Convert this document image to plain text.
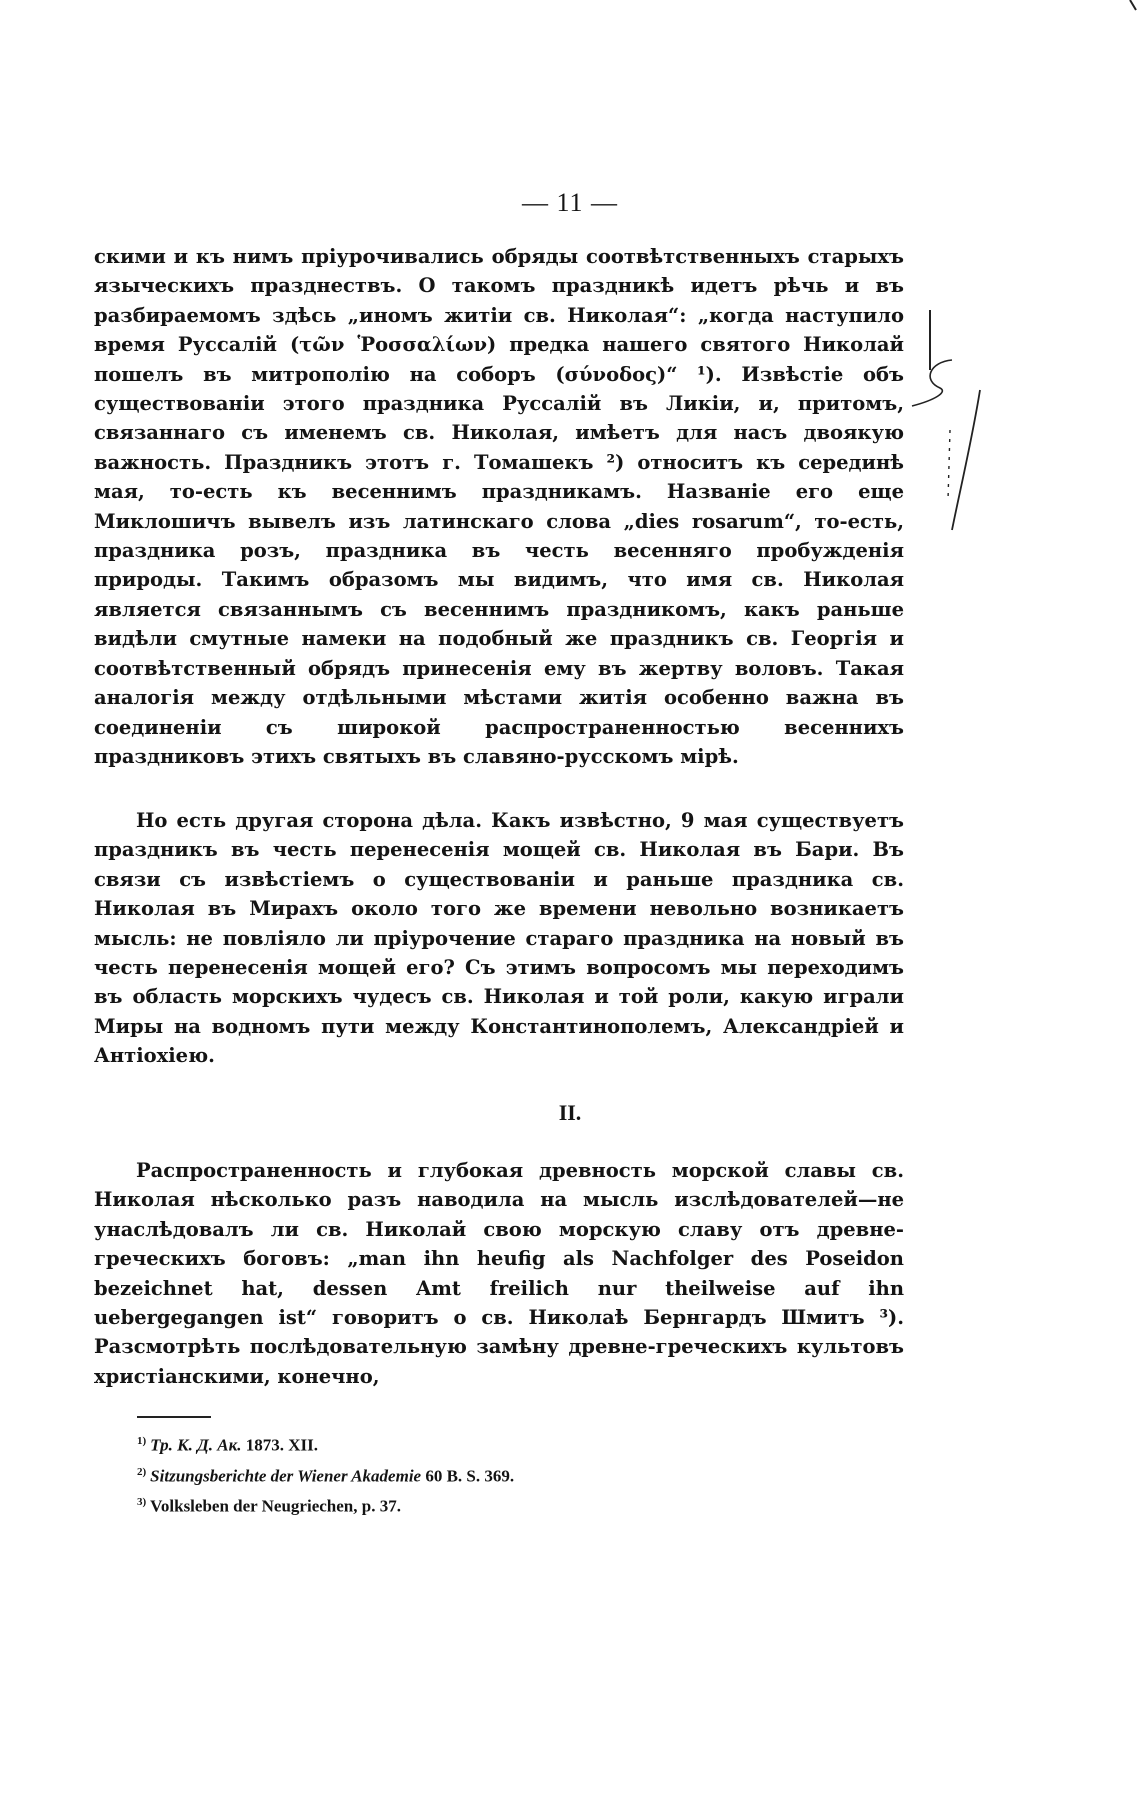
— 11 —
скими и къ нимъ прiурочивались обряды соотвѣтственныхъ старыхъ языческихъ празднествъ. О такомъ праздникѣ идетъ рѣчь и въ разбираемомъ здѣсь „иномъ житiи св. Николая“: „когда наступило время Руссалiй (τῶν Ῥοσσαλίων) предка нашего святого Николай пошелъ въ митрополiю на соборъ (σύνοδος)“ ¹). Извѣстie объ существованiи этого праздника Руссалiй въ Ликiи, и, притомъ, связаннаго съ именемъ св. Николая, имѣетъ для насъ двоякую важность. Праздникъ этотъ г. Томашекъ ²) относитъ къ серединѣ мая, то-есть къ весеннимъ праздникамъ. Названie его еще Миклошичъ вывелъ изъ латинскаго слова „dies rosarum“, то-есть, праздника розъ, праздника въ честь весенняго пробужденiя природы. Такимъ образомъ мы видимъ, что имя св. Николая является связаннымъ съ весеннимъ праздникомъ, какъ раньше видѣли смутные намеки на подобный же праздникъ св. Георгiя и соотвѣтственный обрядъ принесенiя ему въ жертву воловъ. Такая аналогiя между отдѣльными мѣстами житiя особенно важна въ соединенiи съ широкой распространенностью весеннихъ праздниковъ этихъ святыхъ въ славяно-русскомъ мiрѣ.
Но есть другая сторона дѣла. Какъ извѣстно, 9 мая существуетъ праздникъ въ честь перенесенiя мощей св. Николая въ Бари. Въ связи съ извѣстiемъ о существованiи и раньше праздника св. Николая въ Мирахъ около того же времени невольно возникаетъ мысль: не повлiяло ли прiурочение стараго праздника на новый въ честь перенесенiя мощей его? Съ этимъ вопросомъ мы переходимъ въ область морскихъ чудесъ св. Николая и той роли, какую играли Миры на водномъ пути между Константинополемъ, Александрiей и Антiохiею.
II.
Распространенность и глубокая древность морской славы св. Николая нѣсколько разъ наводила на мысль изслѣдователей—не унаслѣдовалъ ли св. Николай свою морскую славу отъ древне-греческихъ боговъ: „man ihn heufig als Nachfolger des Poseidon bezeichnet hat, dessen Amt freilich nur theilweise auf ihn uebergegangen ist“ говоритъ о св. Николаѣ Бернгардъ Шмитъ ³). Разсмотрѣть послѣдовательную замѣну древне-греческихъ культовъ христiанскими, конечно,
$^{1)}$ Тр. К. Д. Ак. 1873. XII.
$^{2)}$ Sitzungsberichte der Wiener Akademie 60 B. S. 369.
$^{3)}$ Volksleben der Neugriechen, p. 37.
